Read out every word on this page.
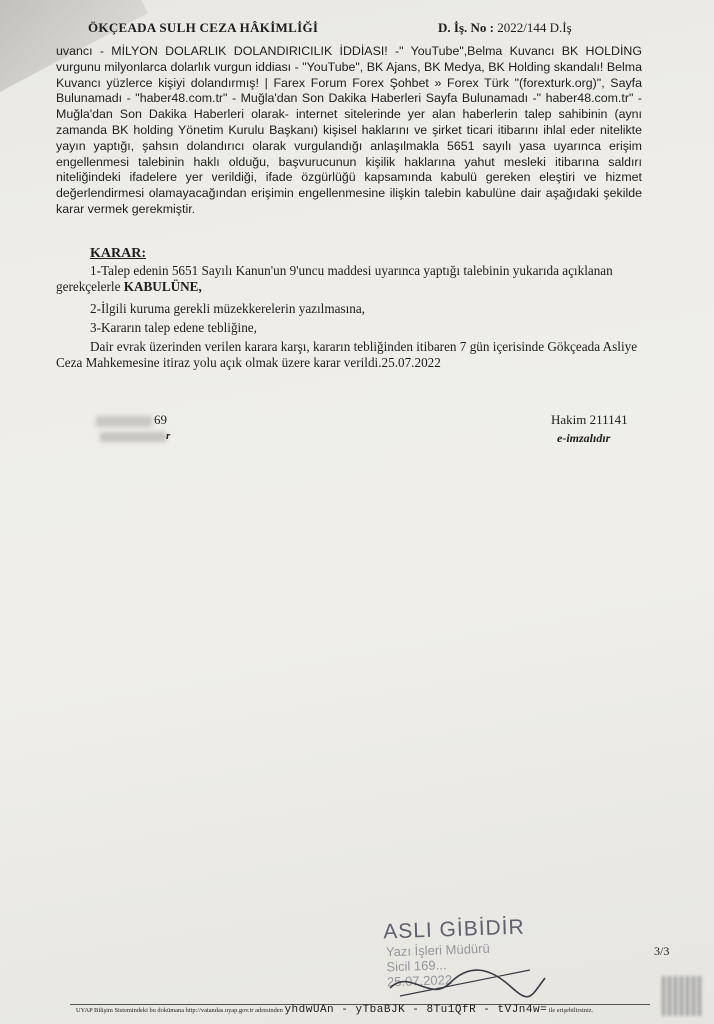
ÖKÇEADA SULH CEZA HÂKİMLİĞİ	D. İş. No : 2022/144 D.İş

uvancı - MİLYON DOLARLIK DOLANDIRICILIK İDDİASI! -" YouTube",Belma Kuvancı BK HOLDİNG vurgunu milyonlarca dolarlık vurgun iddiası - "YouTube", BK Ajans, BK Medya, BK Holding skandalı! Belma Kuvancı yüzlerce kişiyi dolandırmış! | Farex Forum Forex Şohbet » Forex Türk "(forexturk.org)", Sayfa Bulunamadı - "haber48.com.tr" - Muğla'dan Son Dakika Haberleri Sayfa Bulunamadı -" haber48.com.tr" - Muğla'dan Son Dakika Haberleri olarak- internet sitelerinde yer alan haberlerin talep sahibinin (aynı zamanda BK holding Yönetim Kurulu Başkanı) kişisel haklarını ve şirket ticari itibarını ihlal eder nitelikte yayın yaptığı, şahsın dolandırıcı olarak vurgulandığı anlaşılmakla 5651 sayılı yasa uyarınca erişim engellenmesi talebinin haklı olduğu, başvurucunun kişilik haklarına yahut mesleki itibarına saldırı niteliğindeki ifadelere yer verildiği, ifade özgürlüğü kapsamında kabulü gereken eleştiri ve hizmet değerlendirmesi olamayacağından erişimin engellenmesine ilişkin talebin kabulüne dair aşağıdaki şekilde karar vermek gerekmiştir.

KARAR:
1-Talep edenin 5651 Sayılı Kanun'un 9'uncu maddesi uyarınca yaptığı talebinin yukarıda açıklanan gerekçelerle KABULÜNE,
2-İlgili kuruma gerekli müzekkerelerin yazılmasına,
3-Kararın talep edene tebliğine,
Dair evrak üzerinden verilen karara karşı, kararın tebliğinden itibaren 7 gün içerisinde Gökçeada Asliye Ceza Mahkemesine itiraz yolu açık olmak üzere karar verildi.25.07.2022
69
r
Hakim 211141
e-imzalıdır
ASLI GİBİDİR
Yazı İşleri Müdürü
Sicil 169...
25.07.2022
3/3
UYAP Bilişim Sistemindeki bu dokümana http://vatandas.uyap.gov.tr adresinden yhdwUAn - yTbaBJK - 8Tu1QfR - tVJn4w= ile erişebilirsiniz.
